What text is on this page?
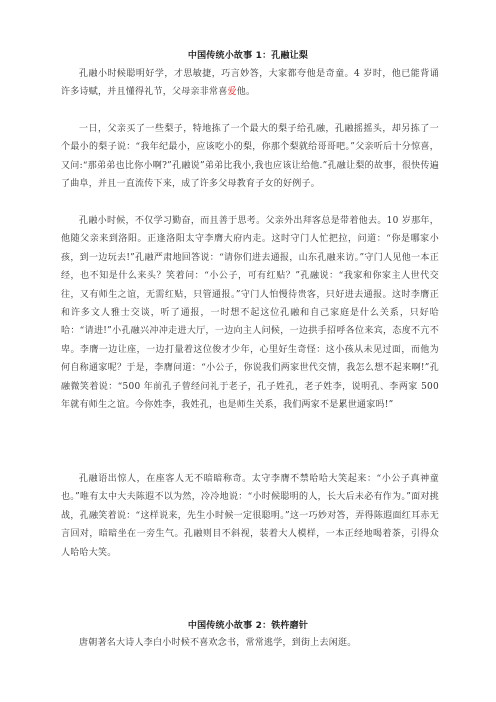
中国传统小故事 1：孔融让梨

孔融小时候聪明好学，才思敏捷，巧言妙答，大家都夸他是奇童。4 岁时，他已能背诵许多诗赋，并且懂得礼节，父母亲非常喜爱他。

一日，父亲买了一些梨子，特地拣了一个最大的梨子给孔融，孔融摇摇头，却另拣了一个最小的梨子说：“我年纪最小，应该吃小的梨，你那个梨就给哥哥吧。”父亲听后十分惊喜，又问:“那弟弟也比你小啊?”孔融说”弟弟比我小,我也应该让给他.”孔融让梨的故事，很快传遍了曲阜，并且一直流传下来，成了许多父母教育子女的好例子。

孔融小时候，不仅学习勤奋，而且善于思考。父亲外出拜客总是带着他去。10 岁那年，他随父亲来到洛阳。正逢洛阳太守李膺大府内走。这时守门人忙把拉，问道：“你是哪家小孩，到一边玩去!”孔融严肃地回答说：“请你们进去通报，山东孔融来访。”守门人见他一本正经，也不知是什么来头？笑着问：“小公子，可有红贴？”孔融说：“我家和你家主人世代交往，又有师生之谊，无需红贴，只管通报。”守门人怕慢待贵客，只好进去通报。这时李膺正和许多文人雅士交谈，听了通报，一时想不起这位孔融和自己家庭是什么关系，只好哈哈：“请进!”小孔融兴冲冲走进大厅，一边向主人问候，一边拱手招呼各位来宾，态度不亢不卑。李膺一边让座，一边打量着这位俊才少年，心里好生奇怪：这小孩从未见过面，而他为何自称通家呢？于是，李膺问道：“小公子，你说我们两家世代交情，我怎么想不起来啊!”孔融微笑着说：“500 年前孔子曾经问礼于老子，孔子姓孔，老子姓李，说明孔、李两家 500 年就有师生之谊。今你姓李，我姓孔，也是师生关系，我们两家不是累世通家吗!”

孔融语出惊人，在座客人无不暗暗称奇。太守李膺不禁哈哈大笑起来：“小公子真神童也。”唯有太中大夫陈遐不以为然，冷冷地说：“小时候聪明的人，长大后未必有作为。”面对挑战，孔融笑着说：“这样说来，先生小时候一定很聪明。”这一巧妙对答，弄得陈遐面红耳赤无言回对，暗暗坐在一旁生气。孔融则目不斜视，装着大人模样，一本正经地喝着茶，引得众人哈哈大笑。

中国传统小故事 2：铁杵磨针

唐朝著名大诗人李白小时候不喜欢念书，常常逃学，到街上去闲逛。
